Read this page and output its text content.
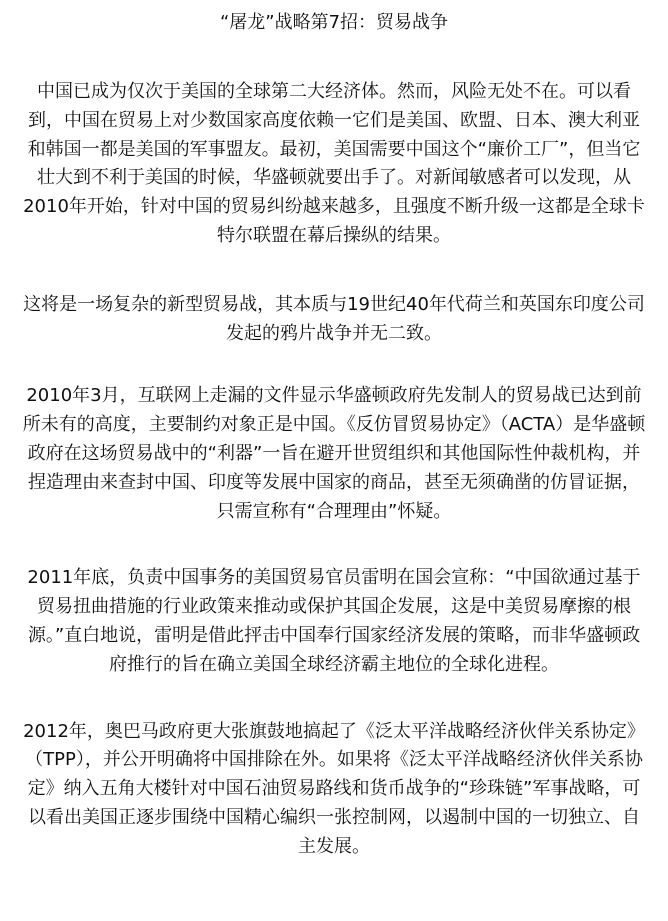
“屠龙”战略第7招：贸易战争

中国已成为仅次于美国的全球第二大经济体。然而，风险无处不在。可以看到，中国在贸易上对少数国家高度依赖一它们是美国、欧盟、日本、澳大利亚和韩国一都是美国的军事盟友。最初，美国需要中国这个“廉价工厂”，但当它壮大到不利于美国的时候，华盛顿就要出手了。对新闻敏感者可以发现，从2010年开始，针对中国的贸易纠纷越来越多，且强度不断升级一这都是全球卡特尔联盟在幕后操纵的结果。

这将是一场复杂的新型贸易战，其本质与19世纪40年代荷兰和英国东印度公司发起的鸦片战争并无二致。

2010年3月，互联网上走漏的文件显示华盛顿政府先发制人的贸易战已达到前所未有的高度，主要制约对象正是中国。《反仿冒贸易协定》（ACTA）是华盛顿政府在这场贸易战中的“利器”一旨在避开世贸组织和其他国际性仲裁机构，并捏造理由来查封中国、印度等发展中国家的商品，甚至无须确凿的仿冒证据，只需宣称有“合理理由”怀疑。

2011年底，负责中国事务的美国贸易官员雷明在国会宣称：“中国欲通过基于贸易扭曲措施的行业政策来推动或保护其国企发展，这是中美贸易摩擦的根源。”直白地说，雷明是借此抨击中国奉行国家经济发展的策略，而非华盛顿政府推行的旨在确立美国全球经济霸主地位的全球化进程。

2012年，奥巴马政府更大张旗鼓地搞起了《泛太平洋战略经济伙伴关系协定》（TPP），并公开明确将中国排除在外。如果将《泛太平洋战略经济伙伴关系协定》纳入五角大楼针对中国石油贸易路线和货币战争的“珍珠链”军事战略，可以看出美国正逐步围绕中国精心编织一张控制网，以遏制中国的一切独立、自主发展。
